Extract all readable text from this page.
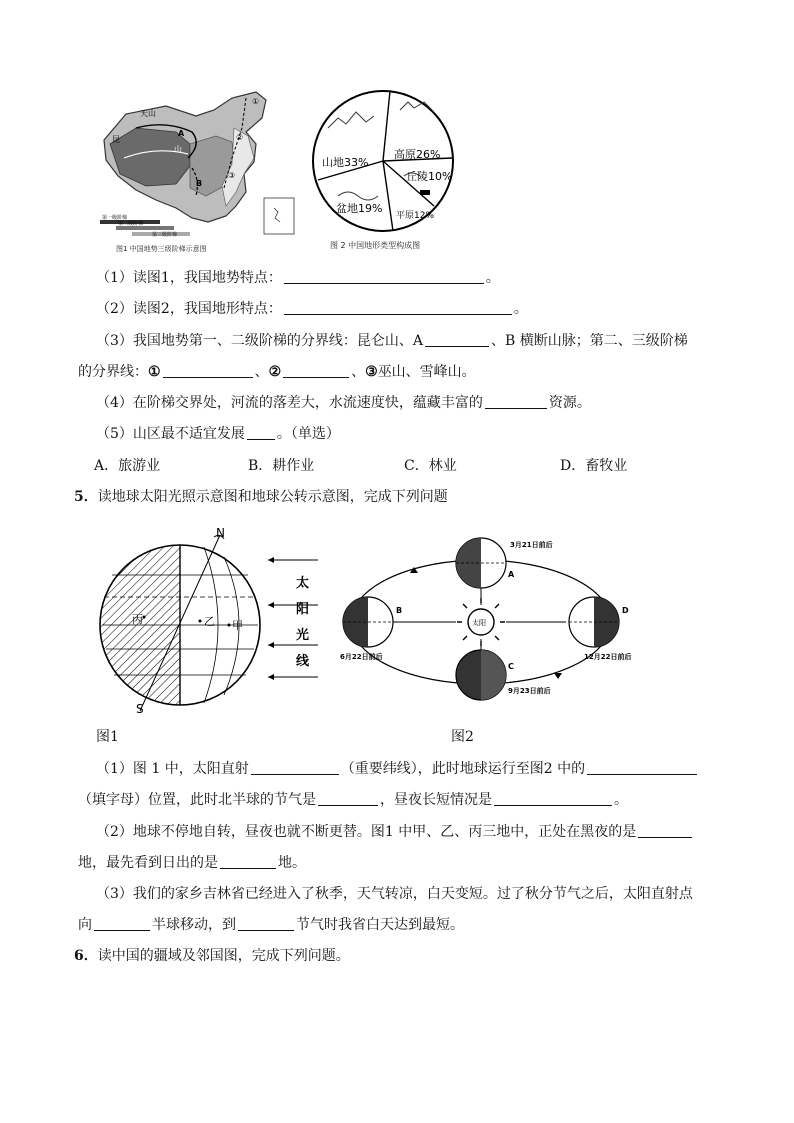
天山
昆
A
山
B
①
②
③
第一级阶梯
第二级阶梯
第三级阶梯
图1 中国地势三级阶梯示意图
山地33%
高原26%
丘陵10%
盆地19%
平原12%
图 2 中国地形类型构成图
（1）读图1，我国地势特点：	。
（2）读图2，我国地形特点：	。
（3）我国地势第一、二级阶梯的分界线：昆仑山、A	、B 横断山脉；第二、三级阶梯
的分界线：①	、②	、③巫山、雪峰山。
（4）在阶梯交界处，河流的落差大，水流速度快，蕴藏丰富的	资源。
（5）山区最不适宜发展 。（单选）
A．旅游业	B．耕作业	C．林业	D．畜牧业
5．读地球太阳光照示意图和地球公转示意图，完成下列问题
N
S
丙	乙 甲
太
阳
光
线
图1
太阳
A
3月21日前后
B
6月22日前后
C
9月23日前后
D
12月22日前后
图2
（1）图 1 中，太阳直射	（重要纬线），此时地球运行至图2 中的
（填字母）位置，此时北半球的节气是	，昼夜长短情况是	。
（2）地球不停地自转，昼夜也就不断更替。图1 中甲、乙、丙三地中，正处在黑夜的是
地，最先看到日出的是	地。
（3）我们的家乡吉林省已经进入了秋季，天气转凉，白天变短。过了秋分节气之后，太阳直射点
向	半球移动，到	节气时我省白天达到最短。
6．读中国的疆域及邻国图，完成下列问题。
